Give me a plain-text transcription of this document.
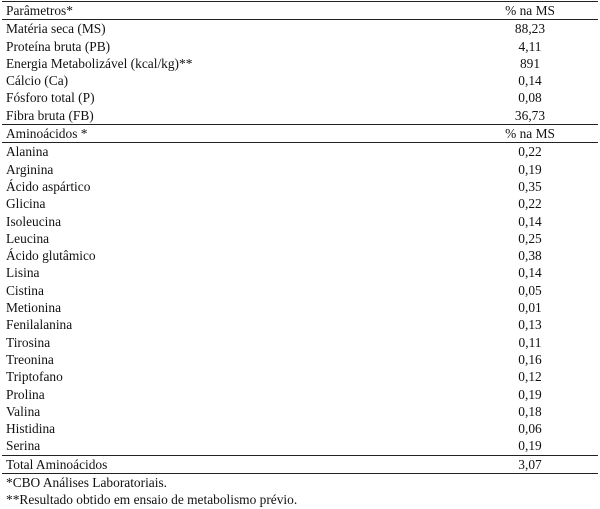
Parâmetros*	% na MS
Matéria seca (MS)	88,23
Proteína bruta (PB)	4,11
Energia Metabolizável (kcal/kg)**	891
Cálcio (Ca)	0,14
Fósforo total (P)	0,08
Fibra bruta (FB)	36,73
Aminoácidos *	% na MS
Alanina	0,22
Arginina	0,19
Ácido aspártico	0,35
Glicina	0,22
Isoleucina	0,14
Leucina	0,25
Ácido glutâmico	0,38
Lisina	0,14
Cistina	0,05
Metionina	0,01
Fenilalanina	0,13
Tirosina	0,11
Treonina	0,16
Triptofano	0,12
Prolina	0,19
Valina	0,18
Histidina	0,06
Serina	0,19
Total Aminoácidos	3,07
*CBO Análises Laboratoriais.
**Resultado obtido em ensaio de metabolismo prévio.
